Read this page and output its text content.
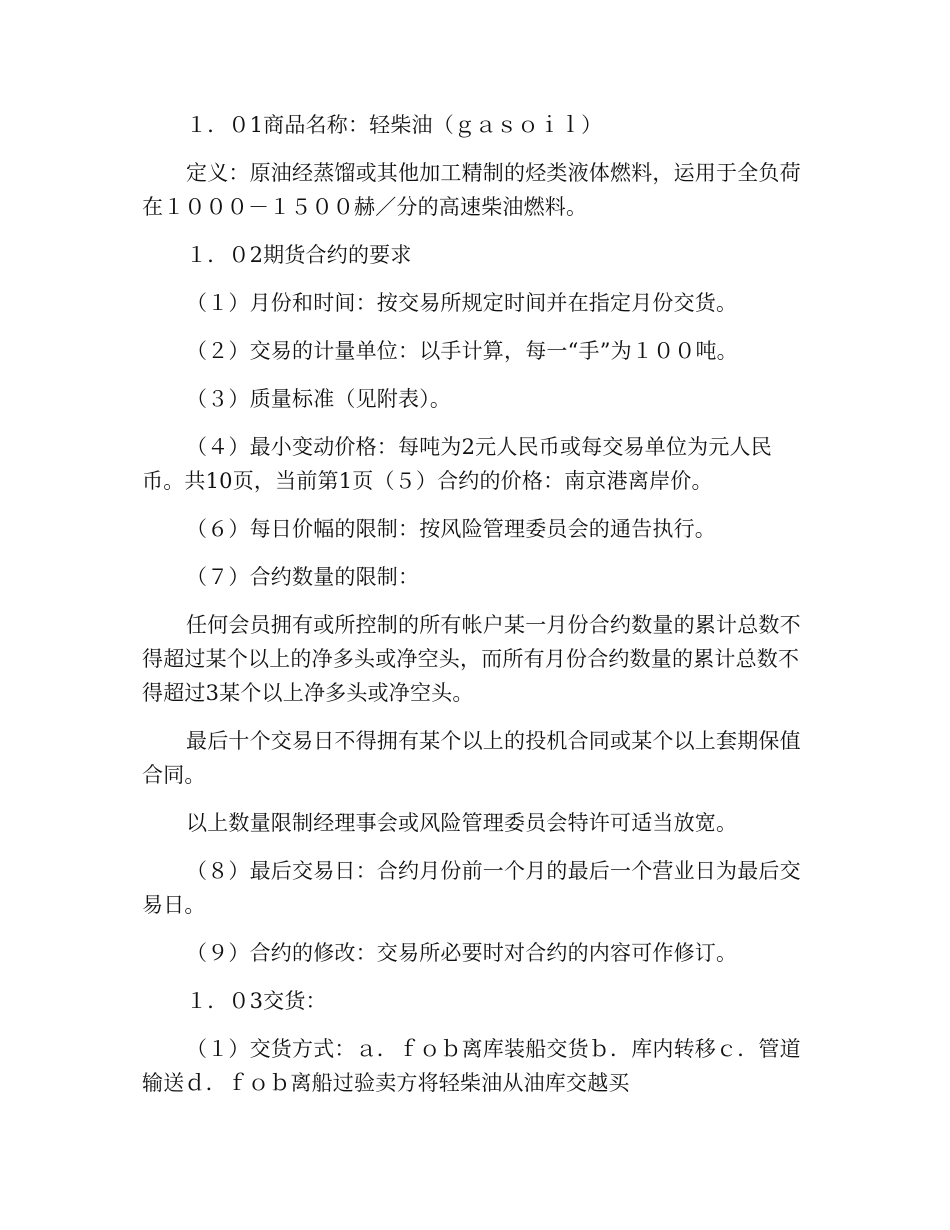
１．０1商品名称：轻柴油（ｇａｓｏｉｌ）

定义：原油经蒸馏或其他加工精制的烃类液体燃料，运用于全负荷在１０００－１５００赫／分的高速柴油燃料。

１．０2期货合约的要求

（１）月份和时间：按交易所规定时间并在指定月份交货。

（２）交易的计量单位：以手计算，每一“手”为１００吨。

（３）质量标准（见附表）。

（４）最小变动价格：每吨为2元人民币或每交易单位为元人民币。共10页，当前第1页（５）合约的价格：南京港离岸价。

（６）每日价幅的限制：按风险管理委员会的通告执行。

（７）合约数量的限制：

任何会员拥有或所控制的所有帐户某一月份合约数量的累计总数不得超过某个以上的净多头或净空头，而所有月份合约数量的累计总数不得超过3某个以上净多头或净空头。

最后十个交易日不得拥有某个以上的投机合同或某个以上套期保值合同。

以上数量限制经理事会或风险管理委员会特许可适当放宽。

（８）最后交易日：合约月份前一个月的最后一个营业日为最后交易日。

（９）合约的修改：交易所必要时对合约的内容可作修订。

１．０3交货：

（１）交货方式：ａ．ｆｏｂ离库装船交货ｂ．库内转移ｃ．管道输送ｄ．ｆｏｂ离船过验卖方将轻柴油从油库交越买
